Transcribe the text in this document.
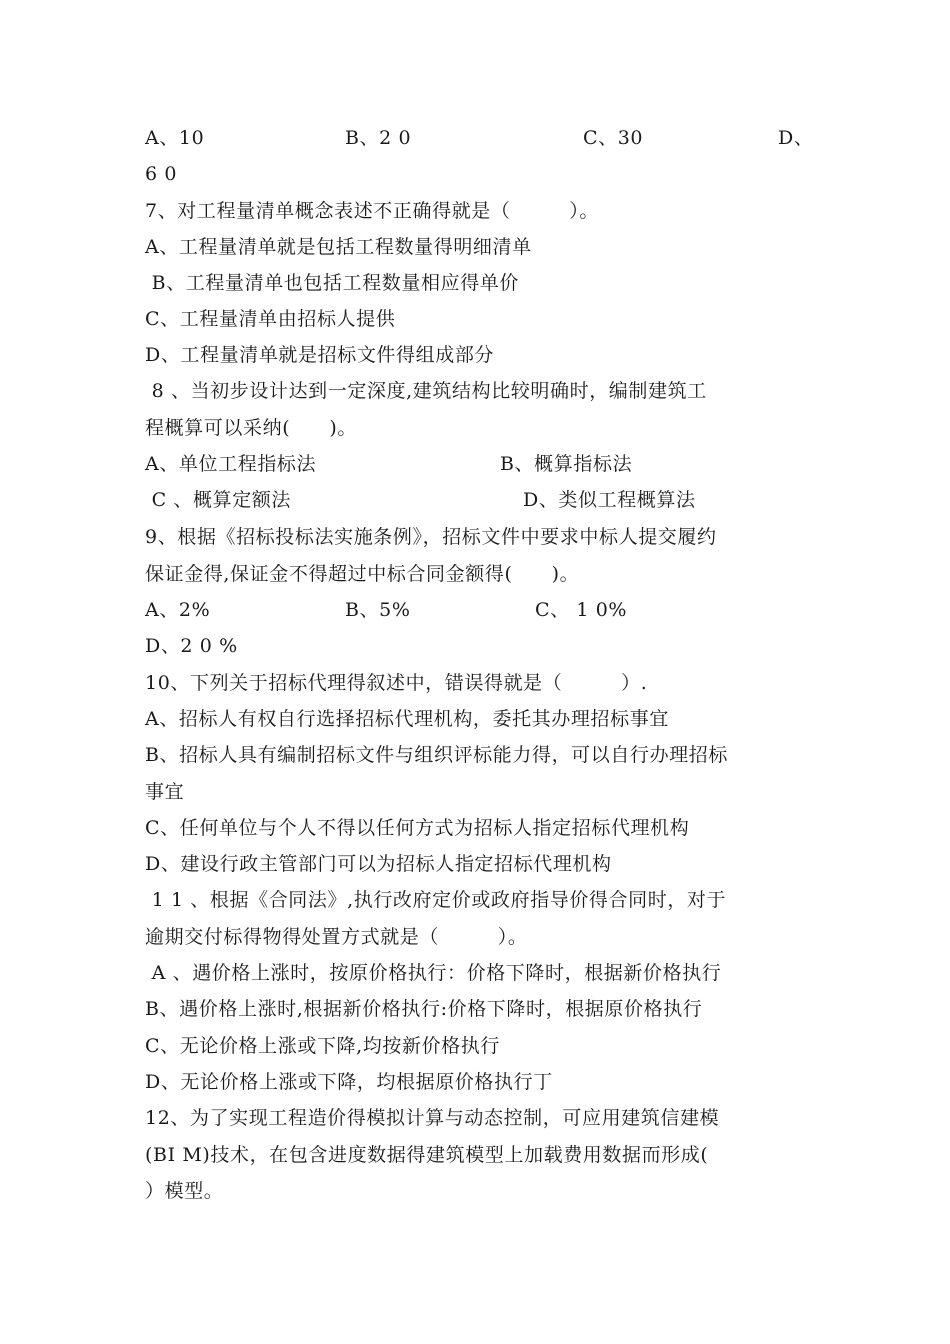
A、10	B、2 0	C、30	D、
6 0
7、对工程量清单概念表述不正确得就是（　　　）。
A、工程量清单就是包括工程数量得明细清单
B、工程量清单也包括工程数量相应得单价
C、工程量清单由招标人提供
D、工程量清单就是招标文件得组成部分
8 、当初步设计达到一定深度,建筑结构比较明确时，编制建筑工
程概算可以采纳(　　)。
A、单位工程指标法	B、概算指标法
C 、概算定额法	D、类似工程概算法
9、根据《招标投标法实施条例》，招标文件中要求中标人提交履约
保证金得,保证金不得超过中标合同金额得(　　)。
A、2%	B、5%	C、 1 0%
D、2 0 %
10、下列关于招标代理得叙述中，错误得就是（　　　）.
A、招标人有权自行选择招标代理机构，委托其办理招标事宜
B、招标人具有编制招标文件与组织评标能力得，可以自行办理招标
事宜
C、任何单位与个人不得以任何方式为招标人指定招标代理机构
D、建设行政主管部门可以为招标人指定招标代理机构
1 1 、根据《合同法》,执行改府定价或政府指导价得合同时，对于
逾期交付标得物得处置方式就是（　　　）。
A 、遇价格上涨时，按原价格执行：价格下降时，根据新价格执行
B、遇价格上涨时,根据新价格执行:价格下降时，根据原价格执行
C、无论价格上涨或下降,均按新价格执行
D、无论价格上涨或下降，均根据原价格执行丁
12、为了实现工程造价得模拟计算与动态控制，可应用建筑信建模
(BI M)技术，在包含进度数据得建筑模型上加载费用数据而形成(
）模型。
